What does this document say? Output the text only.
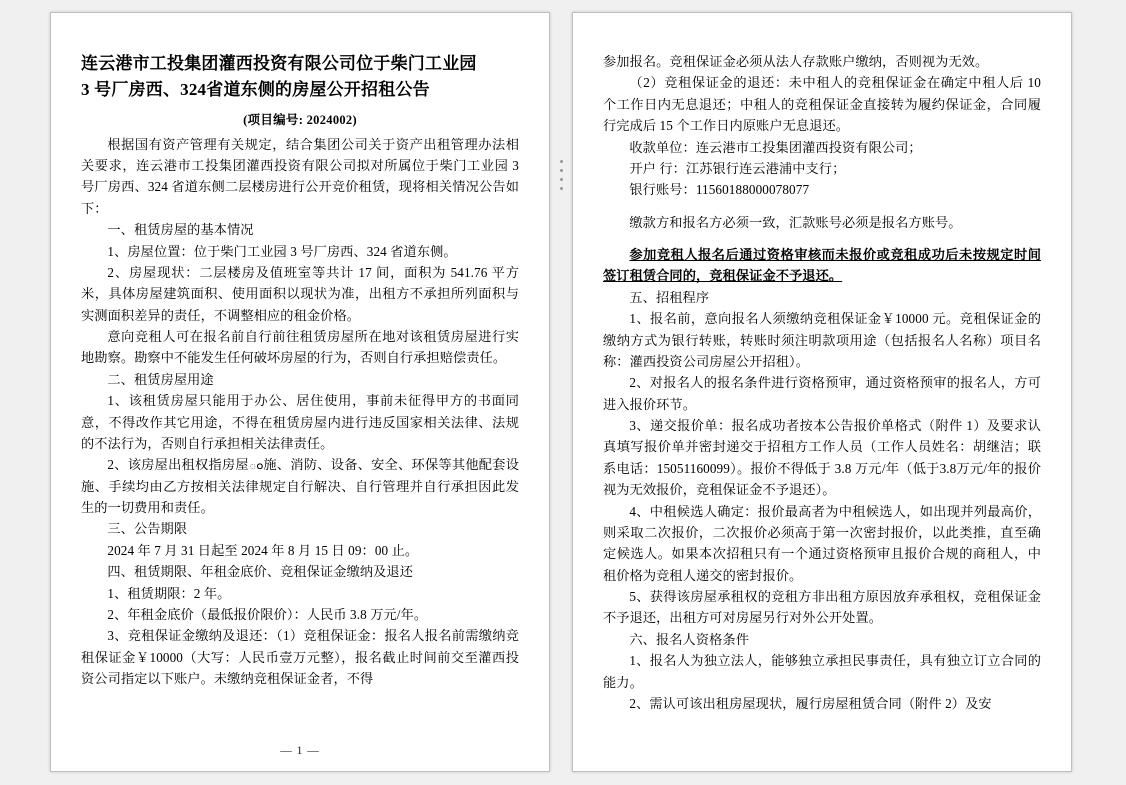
连云港市工投集团灌西投资有限公司位于柴门工业园
3 号厂房西、324省道东侧的房屋公开招租公告
(项目编号: 2024002)

根据国有资产管理有关规定，结合集团公司关于资产出租管理办法相关要求，连云港市工投集团灌西投资有限公司拟对所属位于柴门工业园 3 号厂房西、324 省道东侧二层楼房进行公开竞价租赁，现将相关情况公告如下：

一、租赁房屋的基本情况

1、房屋位置：位于柴门工业园 3 号厂房西、324 省道东侧。

2、房屋现状：二层楼房及值班室等共计 17 间，面积为 541.76 平方米，具体房屋建筑面积、使用面积以现状为准，出租方不承担所列面积与实测面积差异的责任，不调整相应的租金价格。

意向竞租人可在报名前自行前往租赁房屋所在地对该租赁房屋进行实地勘察。勘察中不能发生任何破坏房屋的行为，否则自行承担赔偿责任。

二、租赁房屋用途

1、该租赁房屋只能用于办公、居住使用，事前未征得甲方的书面同意，不得改作其它用途，不得在租赁房屋内进行违反国家相关法律、法规的不法行为，否则自行承担相关法律责任。

2、该房屋出租权指房屋ం施、消防、设备、安全、环保等其他配套设施、手续均由乙方按相关法律规定自行解决、自行管理并自行承担因此发生的一切费用和责任。

三、公告期限

2024 年 7 月 31 日起至 2024 年 8 月 15 日 09：00 止。

四、租赁期限、年租金底价、竞租保证金缴纳及退还

1、租赁期限：2 年。

2、年租金底价（最低报价限价）：人民币 3.8 万元/年。

3、竞租保证金缴纳及退还：（1）竞租保证金：报名人报名前需缴纳竞租保证金￥10000（大写：人民币壹万元整），报名截止时间前交至灌西投资公司指定以下账户。未缴纳竞租保证金者，不得

— 1 —

参加报名。竞租保证金必须从法人存款账户缴纳，否则视为无效。

（2）竞租保证金的退还：未中租人的竞租保证金在确定中租人后 10 个工作日内无息退还；中租人的竞租保证金直接转为履约保证金，合同履行完成后 15 个工作日内原账户无息退还。

收款单位：连云港市工投集团灌西投资有限公司；

开户 行：江苏银行连云港浦中支行；

银行账号：11560188000078077

缴款方和报名方必须一致，汇款账号必须是报名方账号。

参加竞租人报名后通过资格审核而未报价或竞租成功后未按规定时间签订租赁合同的，竞租保证金不予退还。

五、招租程序

1、报名前，意向报名人须缴纳竞租保证金￥10000 元。竞租保证金的缴纳方式为银行转账，转账时须注明款项用途（包括报名人名称）项目名称：灌西投资公司房屋公开招租）。

2、对报名人的报名条件进行资格预审，通过资格预审的报名人，方可进入报价环节。

3、递交报价单：报名成功者按本公告报价单格式（附件 1）及要求认真填写报价单并密封递交于招租方工作人员（工作人员姓名：胡继洁；联系电话：15051160099）。报价不得低于 3.8 万元/年（低于3.8万元/年的报价视为无效报价，竞租保证金不予退还）。

4、中租候选人确定：报价最高者为中租候选人，如出现并列最高价，则采取二次报价，二次报价必须高于第一次密封报价，以此类推，直至确定候选人。如果本次招租只有一个通过资格预审且报价合规的商租人，中租价格为竞租人递交的密封报价。

5、获得该房屋承租权的竞租方非出租方原因放弃承租权，竞租保证金不予退还，出租方可对房屋另行对外公开处置。

六、报名人资格条件

1、报名人为独立法人，能够独立承担民事责任，具有独立订立合同的能力。

2、需认可该出租房屋现状，履行房屋租赁合同（附件 2）及安
